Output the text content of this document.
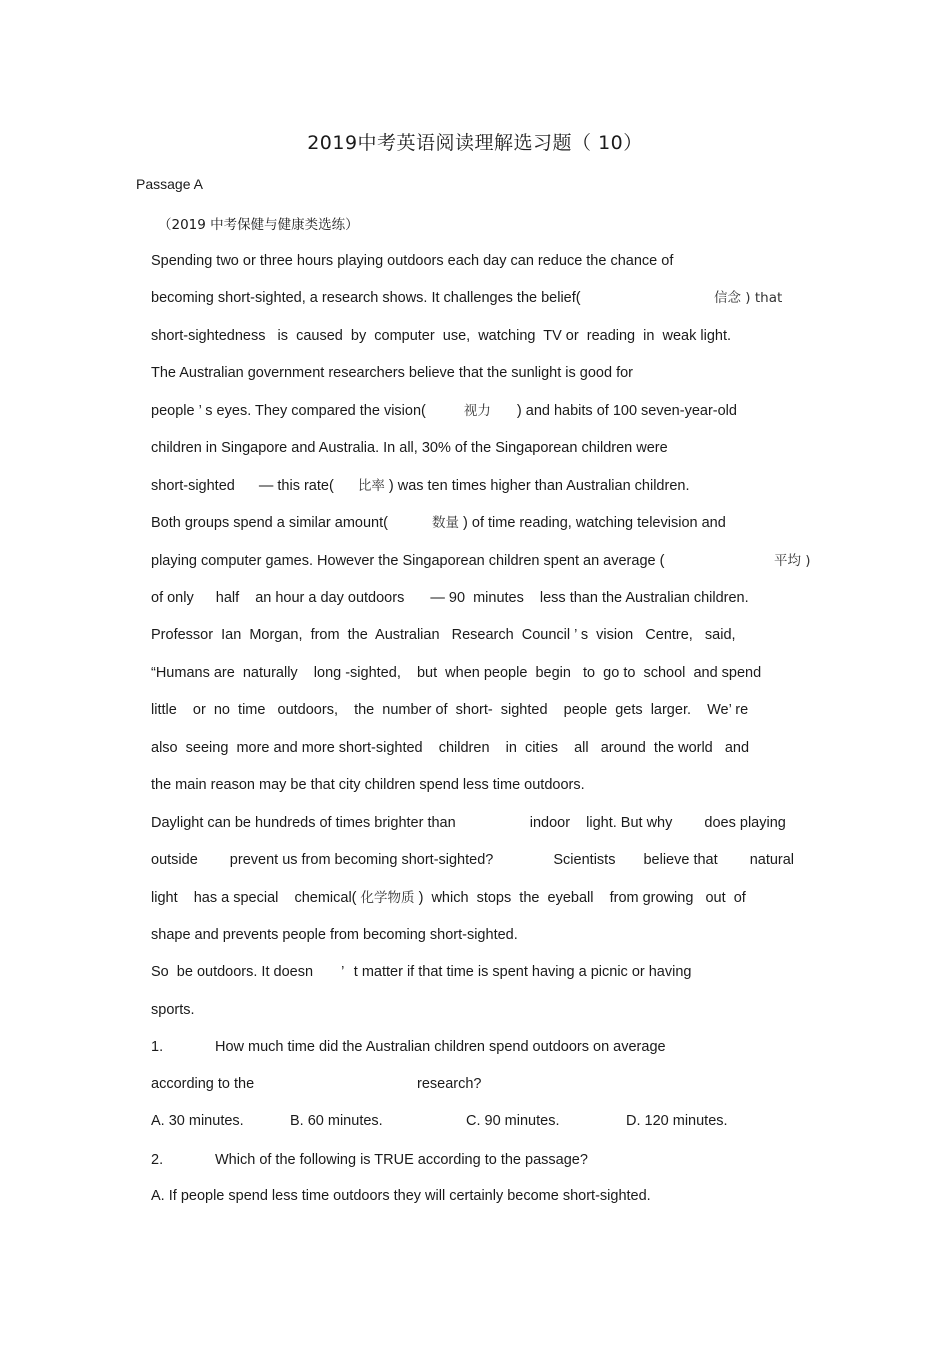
2019中考英语阅读理解选习题（ 10）
Passage A
（2019 中考保健与健康类选练）
Spending two or three hours playing outdoors each day can reduce the chance of
becoming short-sighted, a research shows. It challenges the belief(	信念 ) that
short-sightedness   is  caused  by  computer  use,  watching  TV or  reading  in  weak light.
The Australian government researchers believe that the sunlight is good for
people ’ s eyes. They compared the vision(	视力 ) and habits of 100 seven-year-old
children in Singapore and Australia. In all, 30% of the Singaporean children were
short-sighted — this rate( 比率 ) was ten times higher than Australian children.
Both groups spend a similar amount(	数量 ) of time reading, watching television and
playing computer games. However the Singaporean children spent an average (	平均 )
of only half an hour a day outdoors — 90  minutes less than the Australian children.
Professor  Ian  Morgan,  from  the  Australian   Research  Council ’ s  vision   Centre,   said,
“Humans are  naturally    long -sighted,    but  when people  begin   to  go to  school  and spend
little    or  no  time   outdoors,    the  number of  short-  sighted    people  gets  larger.    We’ re
also  seeing  more and more short-sighted    children    in  cities    all   around  the world   and
the main reason may be that city children spend less time outdoors.
Daylight can be hundreds of times brighter than	indoor    light. But why does playing
outside prevent us from becoming short-sighted?	Scientists believe that natural
light    has a special    chemical( 化学物质 )  which  stops  the  eyeball    from growing   out  of
shape and prevents people from becoming short-sighted.
So  be outdoors. It doesn ’ t matter if that time is spent having a picnic or having
sports.
1.	How much time did the Australian children spend outdoors on average
according to the	research?
A. 30 minutes.	B. 60 minutes.	C. 90 minutes.	D. 120 minutes.
2.	Which of the following is TRUE according to the passage?
A. If people spend less time outdoors they will certainly become short-sighted.
